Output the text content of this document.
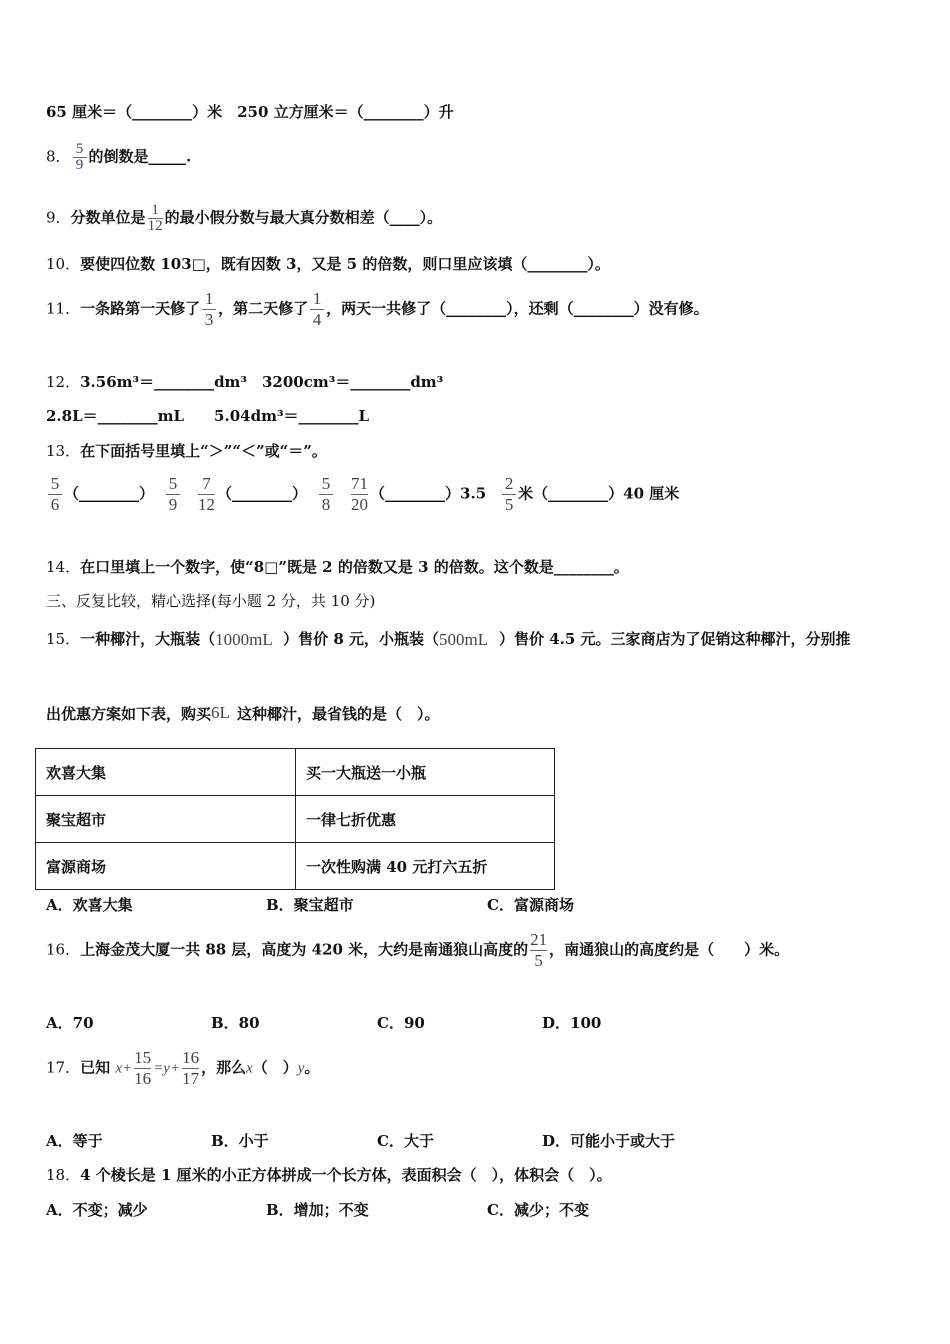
65 厘米＝（________）米　250 立方厘米＝（________）升
8． $\frac{5}{9}$ 的倒数是_____.
9．分数单位是 $\frac{1}{12}$ 的最小假分数与最大真分数相差（____）。
10．要使四位数 103□，既有因数 3，又是 5 的倍数，则口里应该填（________）。
11．一条路第一天修了 $\frac{1}{3}$ ，第二天修了 $\frac{1}{4}$ ，两天一共修了（________），还剩（________）没有修。
12．3.56m³＝________dm³　3200cm³＝________dm³
2.8L＝________mL　　5.04dm³＝________L
13．在下面括号里填上“＞”“＜”或“＝”。
$\frac{5}{6}$ （________） $\frac{5}{9} \frac{7}{12}$ （________） $\frac{5}{8} \frac{71}{20}$ （________）3.5 $\frac{2}{5}$ 米（________）40 厘米
14．在口里填上一个数字，使“8□”既是 2 的倍数又是 3 的倍数。这个数是________。
三、反复比较，精心选择(每小题 2 分，共 10 分)
15．一种椰汁，大瓶装（ 1000mL ）售价 8 元，小瓶装（ 500mL ）售价 4.5 元。三家商店为了促销这种椰汁，分别推
出优惠方案如下表，购买 6L 这种椰汁，最省钱的是（　）。
欢喜大集	买一大瓶送一小瓶
聚宝超市	一律七折优惠
富源商场	一次性购满 40 元打六五折
A．欢喜大集	B．聚宝超市	C．富源商场
16．上海金茂大厦一共 88 层，高度为 420 米，大约是南通狼山高度的 $\frac{21}{5}$ ，南通狼山的高度约是（　　）米。
A．70	B．80	C．90	D．100
17．已知 $x+ \frac{15}{16} =y+ \frac{16}{17}$ ，那么x（　）y。
A．等于	B．小于	C．大于	D．可能小于或大于
18．4 个棱长是 1 厘米的小正方体拼成一个长方体，表面积会（　），体积会（　）。
A．不变；减少	B．增加；不变	C．减少；不变
